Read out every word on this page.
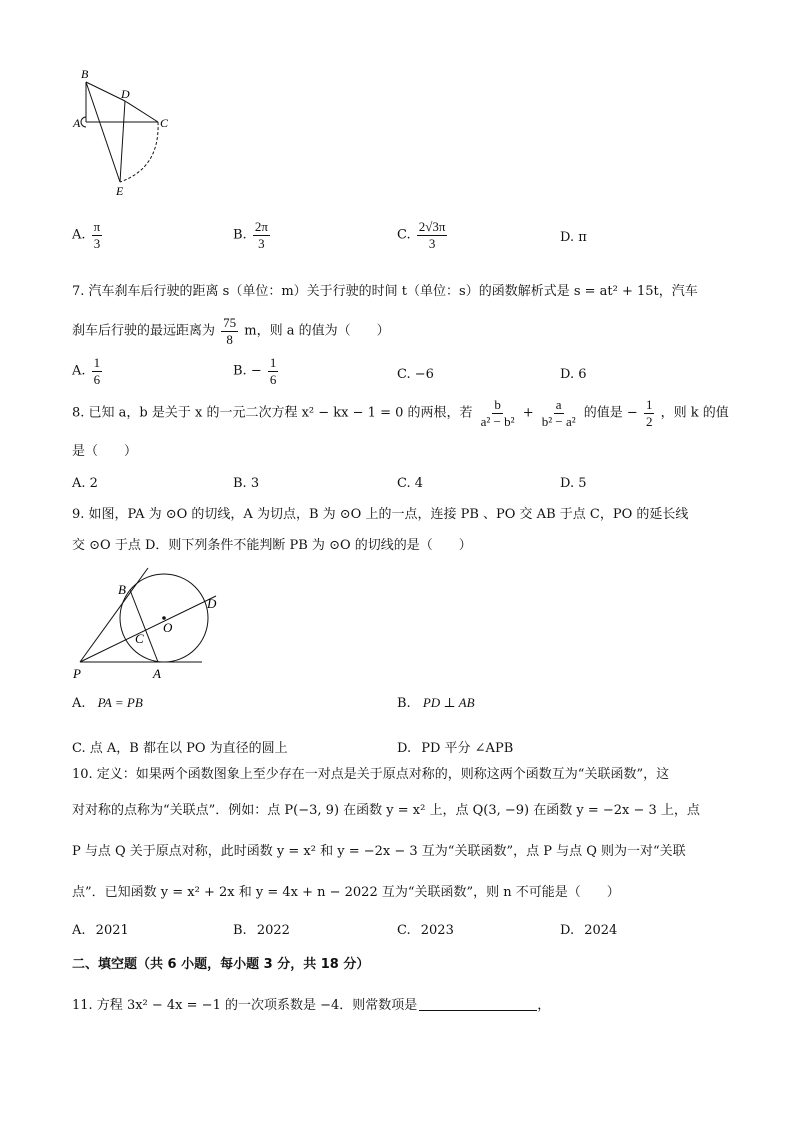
B
D
A	C
E
A. $\frac{\pi}{3}$	B. $\frac{2\pi}{3}$	C. $\frac{2√3\pi}{3}$	D. π
7. 汽车刹车后行驶的距离 s（单位：m）关于行驶的时间 t（单位：s）的函数解析式是 s = at² + 15t，汽车
刹车后行驶的最远距离为 $\frac{75}{8}$ m，则 a 的值为（　　）
A. $\frac{1}{6}$	B. − $\frac{1}{6}$	C. −6	D. 6
8. 已知 a，b 是关于 x 的一元二次方程 x² − kx − 1 = 0 的两根，若 $\frac{b}{\text{a² − b²}} + \frac{a}{\text{b² − a²}}$ 的值是 − $\frac{1}{2}$ ，则 k 的值
是（　　）
A. 2	B. 3	C. 4	D. 5
9. 如图，PA 为 ⊙O 的切线，A 为切点，B 为 ⊙O 上的一点，连接 PB 、PO 交 AB 于点 C，PO 的延长线
交 ⊙O 于点 D．则下列条件不能判断 PB 为 ⊙O 的切线的是（　　）
B
D
O
C
P	A
A. PA = PB	B. PD ⊥ AB
C. 点 A，B 都在以 PO 为直径的圆上	D. PD 平分 ∠APB
10. 定义：如果两个函数图象上至少存在一对点是关于原点对称的，则称这两个函数互为“关联函数”，这
对对称的点称为“关联点”．例如：点 P(−3, 9) 在函数 y = x² 上，点 Q(3, −9) 在函数 y = −2x − 3 上，点
P 与点 Q 关于原点对称，此时函数 y = x² 和 y = −2x − 3 互为“关联函数”，点 P 与点 Q 则为一对“关联
点”．已知函数 y = x² + 2x 和 y = 4x + n − 2022 互为“关联函数”，则 n 不可能是（　　）
A. 2021	B. 2022	C. 2023	D. 2024
二、填空题（共 6 小题，每小题 3 分，共 18 分）
11. 方程 3x² − 4x = −1 的一次项系数是 −4．则常数项是	，
